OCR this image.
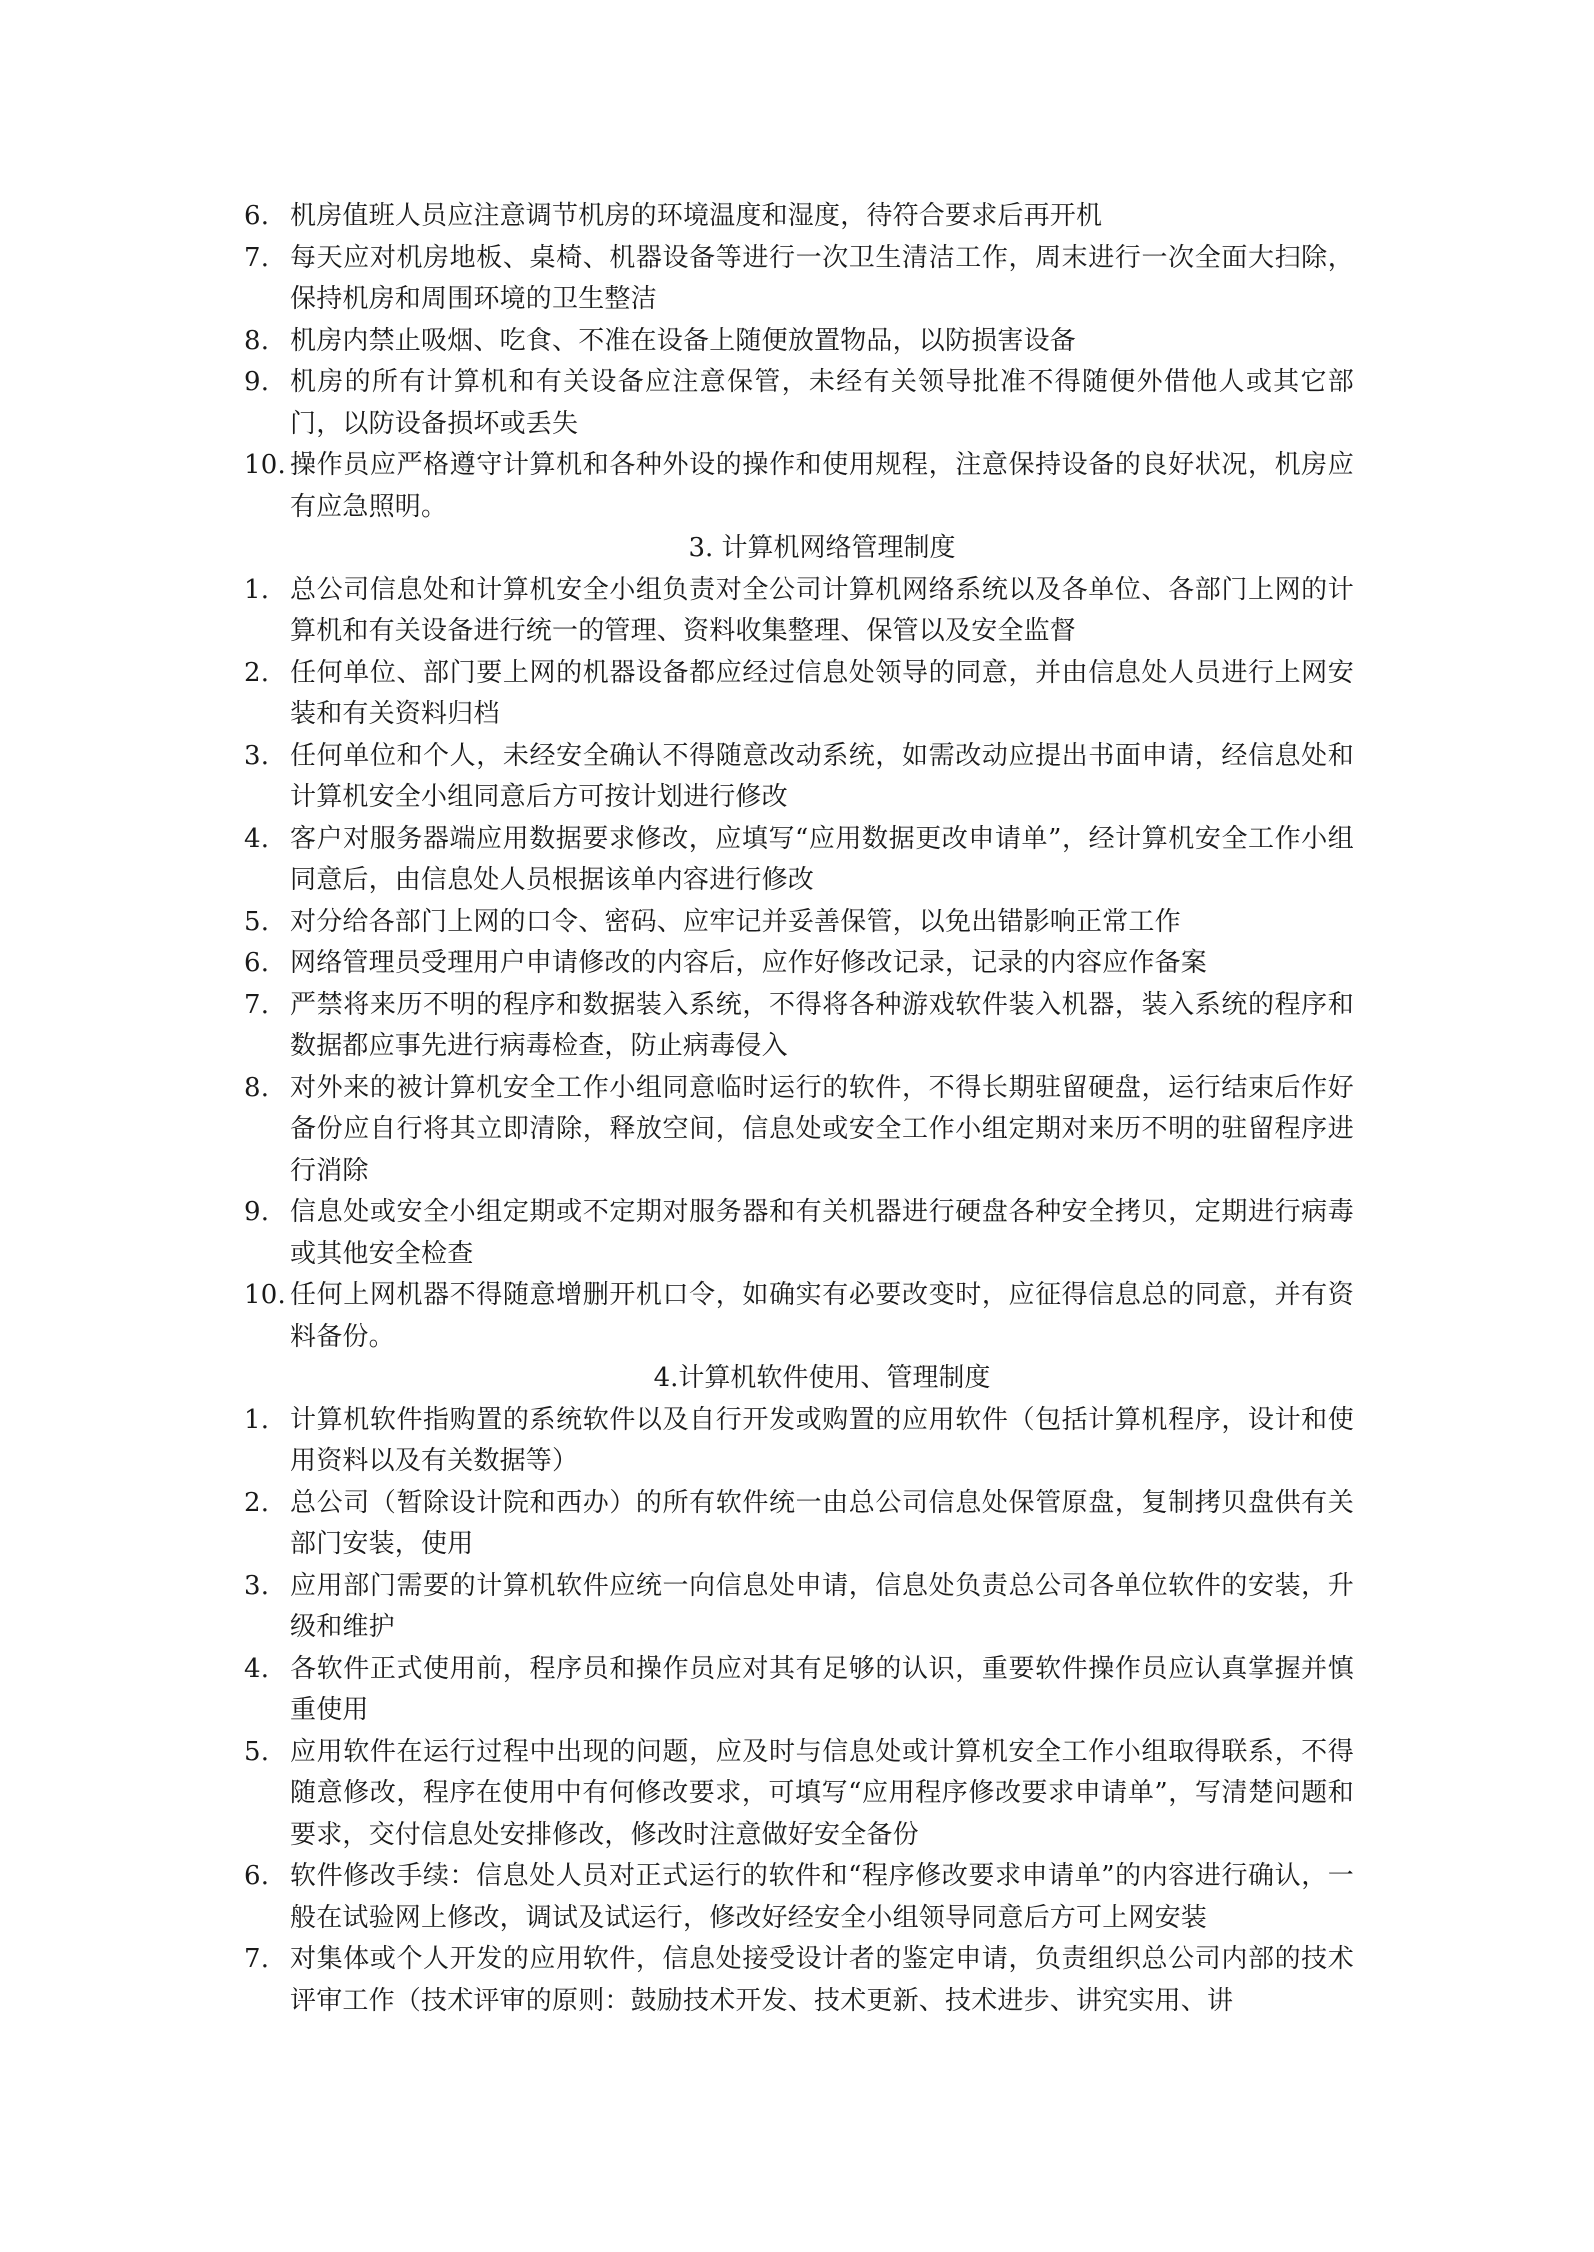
6. 机房值班人员应注意调节机房的环境温度和湿度，待符合要求后再开机
7. 每天应对机房地板、桌椅、机器设备等进行一次卫生清洁工作，周末进行一次全面大扫除，保持机房和周围环境的卫生整洁
8. 机房内禁止吸烟、吃食、不准在设备上随便放置物品，以防损害设备
9. 机房的所有计算机和有关设备应注意保管，未经有关领导批准不得随便外借他人或其它部门，以防设备损坏或丢失
10. 操作员应严格遵守计算机和各种外设的操作和使用规程，注意保持设备的良好状况，机房应有应急照明。
3. 计算机网络管理制度
1. 总公司信息处和计算机安全小组负责对全公司计算机网络系统以及各单位、各部门上网的计算机和有关设备进行统一的管理、资料收集整理、保管以及安全监督
2. 任何单位、部门要上网的机器设备都应经过信息处领导的同意，并由信息处人员进行上网安装和有关资料归档
3. 任何单位和个人，未经安全确认不得随意改动系统，如需改动应提出书面申请，经信息处和计算机安全小组同意后方可按计划进行修改
4. 客户对服务器端应用数据要求修改，应填写“应用数据更改申请单”，经计算机安全工作小组同意后，由信息处人员根据该单内容进行修改
5. 对分给各部门上网的口令、密码、应牢记并妥善保管，以免出错影响正常工作
6. 网络管理员受理用户申请修改的内容后，应作好修改记录，记录的内容应作备案
7. 严禁将来历不明的程序和数据装入系统，不得将各种游戏软件装入机器，装入系统的程序和数据都应事先进行病毒检查，防止病毒侵入
8. 对外来的被计算机安全工作小组同意临时运行的软件，不得长期驻留硬盘，运行结束后作好备份应自行将其立即清除，释放空间，信息处或安全工作小组定期对来历不明的驻留程序进行消除
9. 信息处或安全小组定期或不定期对服务器和有关机器进行硬盘各种安全拷贝，定期进行病毒或其他安全检查
10. 任何上网机器不得随意增删开机口令，如确实有必要改变时，应征得信息总的同意，并有资料备份。
4.计算机软件使用、管理制度
1. 计算机软件指购置的系统软件以及自行开发或购置的应用软件（包括计算机程序，设计和使用资料以及有关数据等）
2. 总公司（暂除设计院和西办）的所有软件统一由总公司信息处保管原盘，复制拷贝盘供有关部门安装，使用
3. 应用部门需要的计算机软件应统一向信息处申请，信息处负责总公司各单位软件的安装，升级和维护
4. 各软件正式使用前，程序员和操作员应对其有足够的认识，重要软件操作员应认真掌握并慎重使用
5. 应用软件在运行过程中出现的问题，应及时与信息处或计算机安全工作小组取得联系，不得随意修改，程序在使用中有何修改要求，可填写“应用程序修改要求申请单”，写清楚问题和要求，交付信息处安排修改，修改时注意做好安全备份
6. 软件修改手续：信息处人员对正式运行的软件和“程序修改要求申请单”的内容进行确认，一般在试验网上修改，调试及试运行，修改好经安全小组领导同意后方可上网安装
7. 对集体或个人开发的应用软件，信息处接受设计者的鉴定申请，负责组织总公司内部的技术评审工作（技术评审的原则：鼓励技术开发、技术更新、技术进步、讲究实用、讲
